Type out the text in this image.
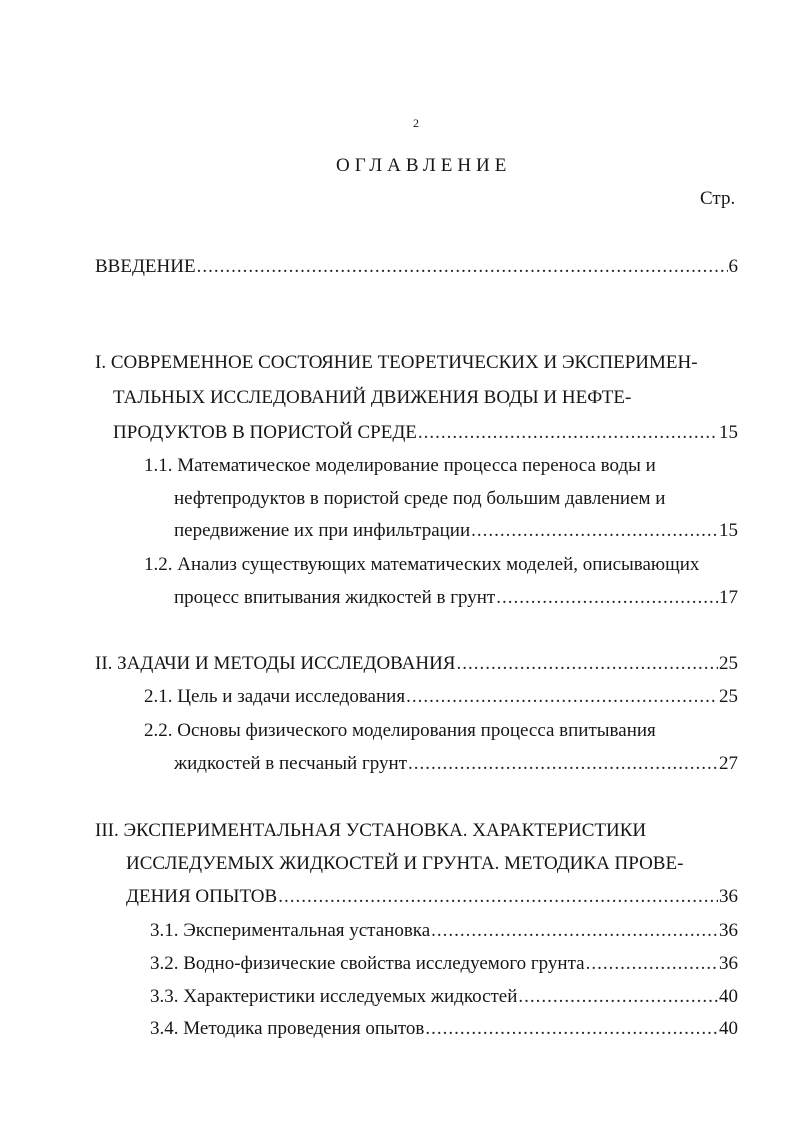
2
ОГЛАВЛЕНИЕ
Стр.
ВВЕДЕНИЕ .....	6
I. СОВРЕМЕННОЕ СОСТОЯНИЕ ТЕОРЕТИЧЕСКИХ И ЭКСПЕРИМЕН-
ТАЛЬНЫХ ИССЛЕДОВАНИЙ ДВИЖЕНИЯ ВОДЫ И НЕФТЕ-
ПРОДУКТОВ В ПОРИСТОЙ СРЕДЕ .....	15
1.1. Математическое моделирование процесса переноса воды и
нефтепродуктов в пористой среде под большим давлением и
передвижение их при инфильтрации .....	15
1.2. Анализ существующих математических моделей, описывающих
процесс впитывания жидкостей в грунт .....	17
II. ЗАДАЧИ И МЕТОДЫ ИССЛЕДОВАНИЯ .....	25
2.1. Цель и задачи исследования .....	25
2.2. Основы физического моделирования процесса впитывания
жидкостей в песчаный грунт .....	27
III. ЭКСПЕРИМЕНТАЛЬНАЯ УСТАНОВКА. ХАРАКТЕРИСТИКИ
ИССЛЕДУЕМЫХ ЖИДКОСТЕЙ И ГРУНТА. МЕТОДИКА ПРОВЕ-
ДЕНИЯ ОПЫТОВ .....	36
3.1. Экспериментальная установка .....	36
3.2. Водно-физические свойства исследуемого грунта .....	36
3.3. Характеристики исследуемых жидкостей .....	40
3.4. Методика проведения опытов .....	40
